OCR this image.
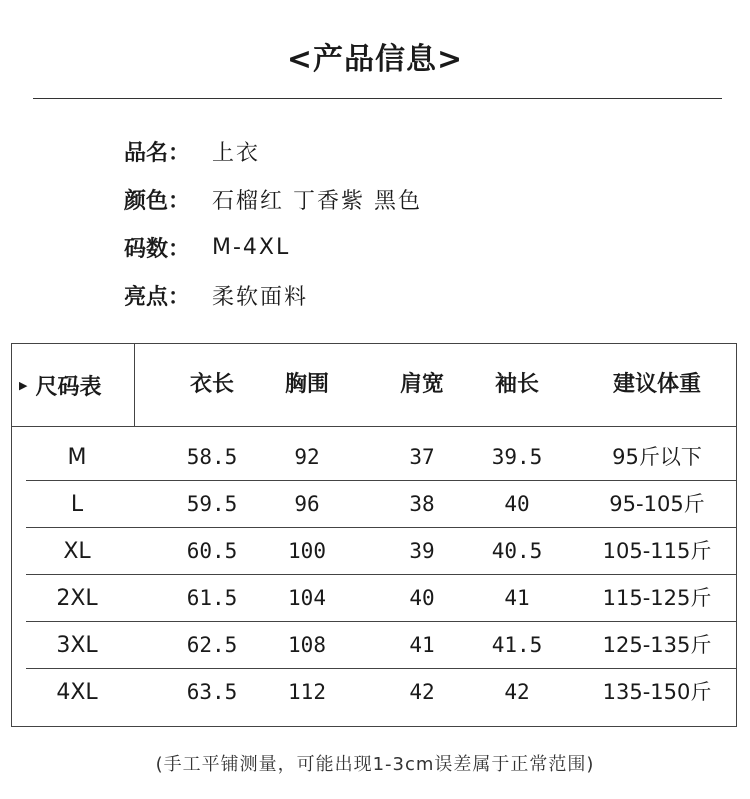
<产品信息>
品名： 上衣
颜色： 石榴红 丁香紫 黑色
码数： M-4XL
亮点： 柔软面料
▶ 尺码表	衣长	胸围	肩宽	袖长	建议体重
M	58.5	92	37	39.5	95斤以下
L	59.5	96	38	40	95-105斤
XL	60.5	100	39	40.5	105-115斤
2XL	61.5	104	40	41	115-125斤
3XL	62.5	108	41	41.5	125-135斤
4XL	63.5	112	42	42	135-150斤
(手工平铺测量，可能出现1-3cm误差属于正常范围)
